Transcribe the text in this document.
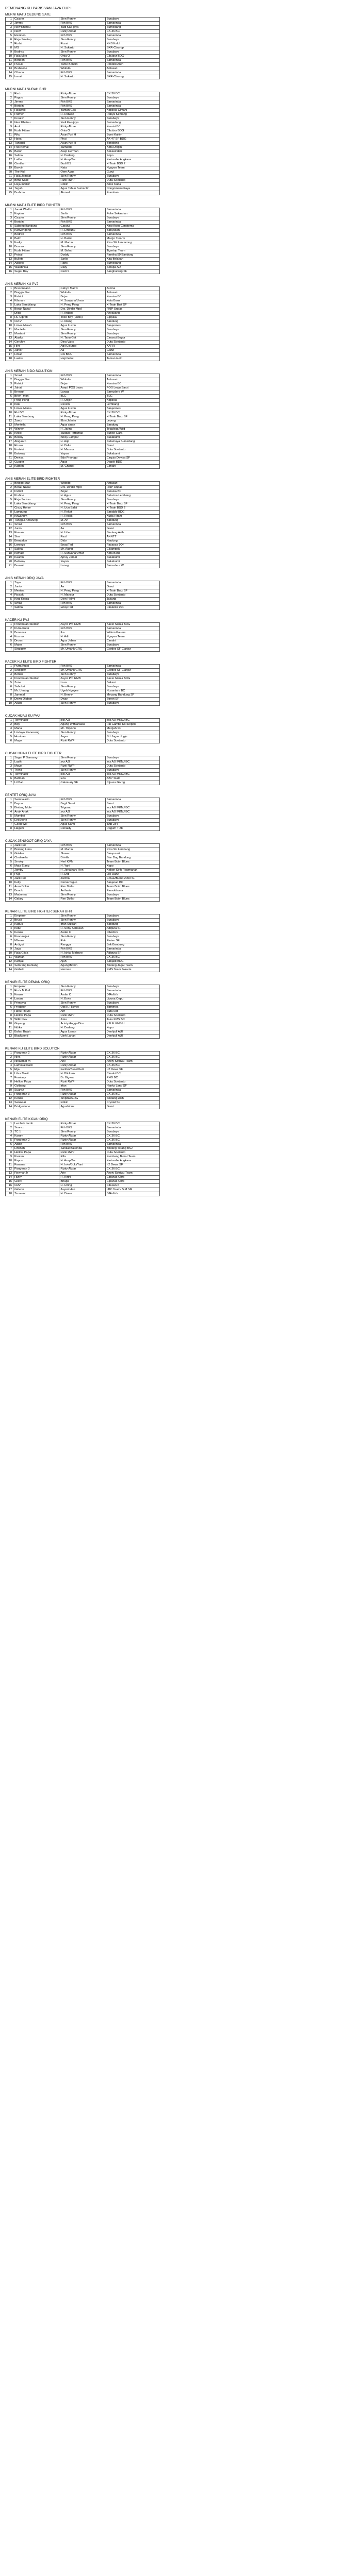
PEMENANG KU PARIS VAN JAVA CUP II
MURNI MATU GEDUNG SATE
1	Casper	Sien Ronny	Surabaya
2	Jimmy	Fith BKS	Samarinda
3	New Khatou	Yadi Kaa-jaya	Sumedang
4	Newt	Rizky Akbar	CK 36 BC
5	Ramboo	Fith BKS	Samarinda
6	Raja Smatop	Sien Ronny	Surabaya
7	Rudal	Rozai	KNS Kaluf
8	MS	H. Sukarto	SKR-Cisurup
9	Bodrex	Sien Ronny	Surabaya
10	Raja Miro	Onia O	Cibubur BDG
11	Bonbon	Fith BKS	Samarinda
12	Pusuk	Tante Bonbin	Pondok Aren
13	Brabaone	Widodo	Antasari
14	Cihana	Fith BKS	Samarinda
15	Ismail	H. Sukarto	SKR-Cisurug
MURNI MATU SURAH BHR
1	Rach	Rizky Akbar	CK 36 BC
2	Pappo	Sien Ronny	Surabaya
3	Jimmy	Fith BKS	Samarinda
4	Bonbin	Fith BKS	Samarinda
5	Rajawali	Yaman Gas	Kopilola Cimahi
6	Palmer	H. Ridwan	Rahya Kemang
7	Kreativ	Sien Ronny	Surabaya
8	New Khatou	Yadi Kaa-jaya	Sumedang
9	Amil	Rizky Akbar	Kuraisi BC
10	Kuda Hitam	Onia O	Cibubur BDG
11	Riku	Asun/Yuri H	Bumi Kaltim
12	Hana	Pirui	AK 47 SF BDG
13	Tunggal	Asun/Yuri H	Bondoing
14	Pak Kemal	Sumantir	Kota Dingin
15	Baron	Asep Herman	Bekasindah
16	Salina	H. Dadang	Kopo
17	Latfiu	H. Acep/Jor	Karimabe Angkasa
18	Centilan	Budi BS	X-Train BSD 2
19	Bavoir	Nata	Ngayan Team
20	The Kidi	Oem Agus	Gurut
21	Raja Jembar	Sien Ronny	Surabaya
22	Bima Sakti	Rizki RWP	Duta Soetanto
23	Raja Infalsir	Robin	Amie Kuda
24	Teguh	Agus Tahun Sumantin	Dongomanu Kaya
25	Brahma	Ahmad	Pramban
MURNI MATU ELITE BIRD FIGHTER
1	Janak Wadhi	Fith BKS	Samarinda
2	Kapten	Sarlis	Pohe Sekaahan
3	Casper	Sien Ronny	Surabaya
4	Bonbin	Fith BKS	Samarinda
5	Sabong Bandung	Caraiyi	King Asen Cimatema
6	Kanvengong	H. Embunu	Banyasan
7	Bodrex	Fith BKS	Samarinda
8	Balm	H. Barrel	Margo Trearts
9	Kadiy	M. Martin	Riva SF Landamng
10	Bon von	Sien Ronny	Surabaya
11	Kuda Hitam	M. Bahar	Tigertop Team
12	Poisal	Doddy	Pamiha 59 Bandung
13	Bullets	Sarlis	Kaa Belakan
14	Adopto	Harts	Sumedang
15	Walabhika	Daily	Serupa AD
16	Sugar Boy	Dedi S	Sanghurang SF
ANIS MERAH KU PVJ
1	Brasonaann	Cahyo Matrix	Aroma
2	Binggo Star	Widodo	Antasari
3	Patriot	Bojan	Kuraisa BC
4	Kilanam	H. Sunyana/Umar	Kota Baru
5	Laka Sembilang	H. Peng Peng	X-Train Bsrt SF
6	Borak Nakal	Drs. Dindin Mpd	FKIP Unpas
7	Dilga	H. Ardani	Anvakang
8	RL-Ciproti	Yoko Boy (Lubis)	Cippaia
9	CR-V	H. Ildang	Bandung
10	Lintee Merah	Agus Liston	Banjarmas
11	Monteila	Sien Ronny	Surabaya
12	Mostani	Sien Ronny	Surabaya
13	Alaska	H. Tanu Gat	Cinanui Bogor
14	Geruhm	Dina Vairs	Duta Soetanto
15	Hiye	Aqil Cicurug	KARR
16	Junior	Aa	Garut
17	Lintar	Roi BKS	Samarinda
18	Laskar	Haji Gatot	Taman Holo
ANIS MERAH BIDO SOLUTION
1	Smail	Fith BKS	Samarinda
2	Binggo Star	Widodo	Antasari
3	Patriot	Bojan	Kuraisa BC
4	Jahat	Asep/ POS Lewu	POS Lewu Sarut
5	Brewuit	Lanag	Samudera W
6	Brien_mon	BLG	BLG
7	Pong Pong	H. Odjon	Kopilola
8	Kilal	Devion	Lembang
9	Lintee Mama	Agus Liston	Banjarmas
10	Riri BC	Rizky Akbar	CK 36 BC
11	Laka Sembung	H. Peng Peng	X-Train Bsrz SF
12	Zamz	Elon Jahrim	Leverg
13	Monteila	Agus sinan	Bandung
14	Winner	H. Jaring	Tegalega Wild
15	Kirikil	Sudadi Pertamax	Sunoe Gara
16	Bokiny	Kiboy Lampar	Sukabumi
17	Alngaaro	H. Aqil	Kutamaya Sumedang
18	Rosso	H. Didin	Darut
19	Kretekin	H. Mansur	Duta Soetanto
20	Batosay	Yayan	Sukabumi
21	Devisa	Edo Prayogo	Cirquis Devisa SF
22	Cupper	Agus	Dagok BDG
23	Kapten	M. Ghandi	Cimahi
ANIS MERAH ELITE BIRD FIGHTER
1	Binggo Star	Widodo	Antasari
2	Borak Nakal	Drs. Dindin Mpd	FKIP Unpas
3	Patriot	Bojan	Kuraisa BC
4	Prahbo	H. Agus	Batarina Lembang
5	Raja Sodom	Sien Ronny	Surabaya
6	Laka Sembilang	H. Peng Peng	X-Train Bsrz SF
7	Crazy Horse	H. Uun Balai	X-Train BSD 2
8	Lampung	H. Rekat	Sandalo BDG
9	Kilwahum	H. Restik	Kuda Hitam
10	Tunggul Amarung	M. Ah	Bandung
11	Smail	Fith BKS	Samarinda
12	Junior	Aa	Garut
13	Firman	H. Uden	Sindang Asih
14	Sim	Paul	ANNTT
15	Bempdon	Dido	Naulung
16	Lorenzo	Enay/Tedi	Pasaoca 904
17	Salina	Mr. Ajung	Cikampek
18	Klimato	H. Sunyana/Umar	Kota Baru
19	Kaafon	Apruy Jamal	Sukabumi
20	Batosay	Yayan	Sukabumi
21	Brewuit	Lanag	Samudera W
ANIS MERAH ORIQ JAYA
1	Toyo	Fith BKS	Samarinda
2	Junior	Aa	Garut
3	Mesiwa	H. Peng Peng	X-Train Bsrz SF
4	Rostak	H. Mansur	Duta Soetanto
5	King Kobra	Dien Helmi	Jakarta
6	Smail	Fith BKS	Samarinda
7	Salina	Enay/Tedi	Pasaoca 904
KACER KU PVJ
1	Penobatan Stedior	Asyer Pro RMB	Kacer Mania BDG
2	Putra Kutai	Fith BKS	Samarinda
3	Bonanza	Ika	Wiilum Paurus
4	Kosmo	H. Adi	Ngayan Team
5	Droon	Agus Jaben	Cimahi
6	Mairo	Sien Ronny	Surabaya
7	Singgow	Mr. Umank GRS	Gordes SF Cianjur
KACER KU ELITE BIRD FIGHTER
1	Putra Kutai	Fith BKS	Samarinda
2	Singgow	Mr. Umank GRS	Gordes SF Cianjur
3	Benso	Sien Ronny	Surabaya
4	Penobatan Stedior	Asyer Pro RMB	Kacer Mania BDG
5	Zone	Lous	Bekasi
6	Sabuksi	Sien Ronny	Surabaya
7	Mr. Umang	Ugeh Ngoyee	Nusantara BC
8	Jammal	H. Benny	Meuang Bandung SF
9	Dewa Dibbon	Dwan	Street SF
10	Alkan	Sien Ronny	Surabaya
CUCAK HIJAU KU PVJ
1	Terminator	xxx AJI	xxx AJI MKNJ BC
2	Billy	Agung Withiarsasa	Pal Gamba Kol Depok
3	Maria	Mr. Thiyono	Mergah SF
4	Lindaya Pianesang	Sien Ronny	Surabaya
5	Hurrican	Jeger	SU Jagas Jogjo
6	Mayo	Rizki RWP	Duta Soetanto
CUCAK HIJAU ELITE BIRD FIGHTER
1	Sagar P Sansang	Sien Ronny	Surabaya
2	Lazih	xxx AJI	xxx AJI MKNJ BC
3	Mayo	Rizki RWP	Duta Soetanto
4	Trend	Sien Ronny	Surabaya
5	Terminator	xxx AJI	xxx AJI MKNJ BC
6	Batman	Eza	ABP Team
7	Lil Bad	Cakrarary SF	Cijaura Gorog
PENTET ORIQ JAYA
1	Sambalado	Fith BKS	Samarinda
2	Bayuo	Bagil Sarut	Sarut
3	Bintang Mole	Trigomo	xxx AJI MKNJ BC
4	Anak Anak	xxx AJI	xxx AJI MKNJ BC
5	Mumbai	Sien Ronny	Surabaya
6	EnjiStone	Sien Ronny	Surabaya
7	Good Will	Agus Kami	TAB 234
8	Hagum	Renaldy	Ragum T 28
CUCAK JENGGOT ORIQ JAYA
1	Jack Pot	Fith BKS	Samarinda
2	Bintang Lima	M. Martin	Riva SF Lembang
3	Golden	Slawan	Banyusari
4	Cinderella	Drivilla	Star Dog Bandung
5	Smoky	Herl KMN	Team Boim Blues
6	Mata Elang	H. Yani	Kopo
7	Jomby	H. Jonathan/ Hen	Kebon Sirih Rawmanan
8	Puja	H. Didi	Loji Darut
9	Jack Pot	Jaroha	CoCa2Bunut 2000 SF
10	Kelly	Dema/Tegun	Banjaran BC
11	Auro Dollar	Ren Dollar	Team Boim Blues
12	Bonok	Antharis	Pamokhuma
13	Madonna	Sien Ronny	Surabaya
14	Gafary	Ren Dollar	Team Boim Blues
KENARI ELITE BIRD FIGHTER SURAH BHR
1	Emperor	Sien Ronny	Surabaya
2	Brusli	Sien Ronny	Surabaya
3	Kapuk	Irfan Sukran	Bandung
4	Kidur	H. Sony Sebasan	Adipura SF
5	Kenzo	Asdar C	D'Rolls's
6	Penomejak	Sien Ronny	Surabaya
7	Mbaaw	Ruk	Pinten SF
8	Ardigui	Rangga	Bnk Bandung
9	Jaya	Fith BKS	Samarinda
10	Raja Giida	H. Ichiu/ Midzuro	Adipura SF
11	Wantan	Fith BKS	CK 36 BC
12	Kamjak	Ajah	Sanjadi BDG
13	Setorang Kuntang	Agung/Bobin	Bintang Jagat Team
14	Golbek	Herman	KMS Team Jakarta
KENARI ELITE DEMAN ORIQ
1	Emperor	Sien Ronny	Surabaya
2	Rock N Roll	Fith BKS	Samarinda
3	Kenzo	Asdar C	D'Rolls's
4	Lonan	H. Ervin	Lipona Cepu
5	Primovia	Sien Ronny	Surabaya
6	Predator	Obi/H. Hismet	Bbmmea
7	Harlu TMMs	Arif	Suta 008
8	Hellow Papa	Rizki RWP	Duta Soetanto
9	Wilik Niek	Joko	Joko KMS BC
10	Goyang	Acinty Angga/Don	K.K.F. KMSIU
11	Ndika	H. Dadang	Kopo
12	Bahar Bujah	Agus Lanan	Denhjuli AUI
13	Blackbond	Ujeh Lanan	Denhjuli AUI
KENARI KU ELITE BIRD SOLUTION
1	Pangeran 2	Rizky Akbar	CK 36 BC
2	Niya	Rizky Akbar	CK 36 BC
3	Ninaamar m	Arie	Ansty Sotriwu Team
4	Lamokal Kacil	Rizky Akbar	CK 36 BC
5	Rija	Farifan/Buse/Dedi	I-2 Dewa SF
6	Libra Mavil	H. Blinkam	Cimahi BC
7	Frantasy	Dr. Bigrea	RHD BC
8	Hellow Papa	Rizki RWP	Duta Soetanto
9	Golbang	Irfan	Hanks Land SF
10	Suarez	Fith BKS	Samarinda
11	Pangeran 3	Rizky Akbar	CK 36 BC
12	Kenzo	Sinpitas/ERG	Sindang Asih
13	Sanzelar	Robin	Crystal SF
14	Bridgestone	Agushinus	Garut
KENARI ELITE KICAU ORIQ
1	Lembah Ilamli	Rizky Akbar	CK 36 BC
2	Suarez	Fith BKS	Samarinda
3	TC 1	Sien Ronny	Surabaya
4	Karum	Rizky Akbar	CK 36 BC
5	Pangeran 2	Rizky Akbar	CK 36 BC
6	Adlan	Fith BKS	Samarinda
7	Lintinah	Sanzal Bakonda	Bintang Terang BSJ
8	Hellow Papa	Rizki RWP	Duta Soetanto
9	Pantan	Rifa	Kumbang Bukat Team
10	Papuo	H. Acep/Jor	Karimabe Angkasa
11	Fanama	H. Irvin/Buki/Yani	I-2 Dewa SF
12	Pangeran 3	Rizky Akbar	CK 36 BC
13	Reymar Jr	Arie	Ansty Sotriwu Team
14	Rizky	H. Kirini	Cipanas Chrs
15	Cikirri	Bhaga	Cipanas Chrs
16	CRV	H. Uding	Cibulan K
17	Gideon	Asyer/ Hen	LBC Team/ SIM SM
18	Tsunami	H. Dinen	D'Rolls's
